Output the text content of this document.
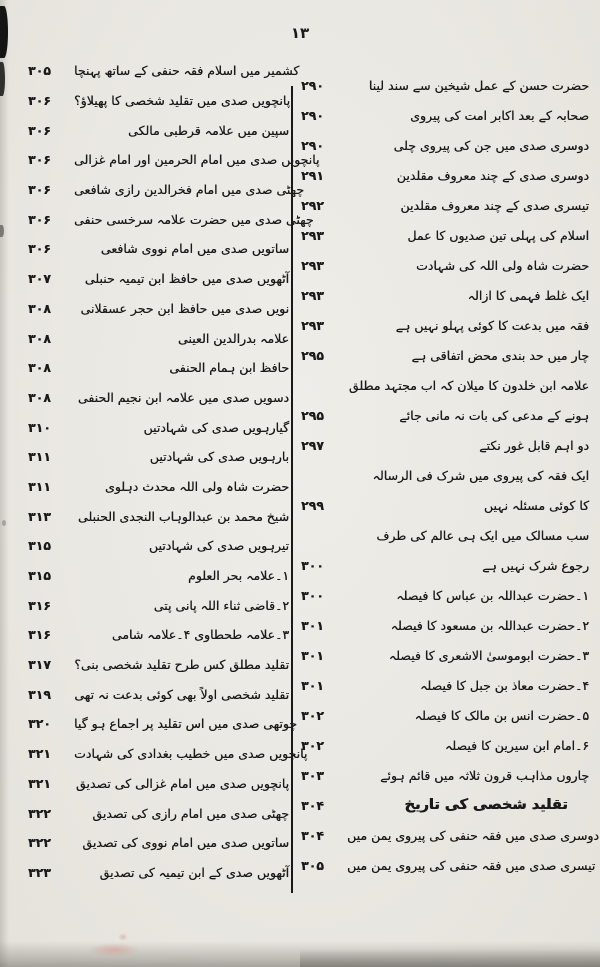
۱۳
۲۹۰	حضرت حسن کے عمل شیخین سے سند لینا
۲۹۰	صحابہ کے بعد اکابر امت کی پیروی
۲۹۰	دوسری صدی میں جن کی پیروی چلی
۲۹۱	دوسری صدی کے چند معروف مقلدین
۲۹۲	تیسری صدی کے چند معروف مقلدین
۲۹۳	اسلام کی پہلی تین صدیوں کا عمل
۲۹۳	حضرت شاہ ولی اللہ کی شہادت
۲۹۳	ایک غلط فہمی کا ازالہ
۲۹۳	فقہ میں بدعت کا کوئی پہلو نہیں ہے
۲۹۵	چار میں حد بندی محض اتفاقی ہے
علامہ ابن خلدون کا میلان کہ اب مجتہد مطلق
۲۹۵	ہونے کے مدعی کی بات نہ مانی جائے
۲۹۷	دو اہم قابل غور نکتے
ایک فقہ کی پیروی میں شرک فی الرسالہ
۲۹۹	کا کوئی مسئلہ نہیں
سب مسالک میں ایک ہی عالم کی طرف
۳۰۰	رجوع شرک نہیں ہے
۳۰۰	۱۔حضرت عبداللہ بن عباس کا فیصلہ
۳۰۱	۲۔حضرت عبداللہ بن مسعود کا فیصلہ
۳۰۱	۳۔حضرت ابوموسیٰ الاشعری کا فیصلہ
۳۰۱	۴۔حضرت معاذ بن جبل کا فیصلہ
۳۰۲	۵۔حضرت انس بن مالک کا فیصلہ
۳۰۲	۶۔امام ابن سیرین کا فیصلہ
۳۰۳	چاروں مذاہب قرون ثلاثہ میں قائم ہوئے
۳۰۴	تقلید شخصی کی تاریخ
۳۰۴	دوسری صدی میں فقہ حنفی کی پیروی یمن میں
۳۰۵	تیسری صدی میں فقہ حنفی کی پیروی یمن میں
۳۰۵	کشمیر میں اسلام فقہ حنفی کے ساتھ پہنچا
۳۰۶	پانچویں صدی میں تقلید شخصی کا پھیلاؤ؟
۳۰۶	سپین میں علامہ قرطبی مالکی
۳۰۶	پانچویں صدی میں امام الحرمین اور امام غزالی
۳۰۶	چھٹی صدی میں امام فخرالدین رازی شافعی
۳۰۶	چھٹی صدی میں حضرت علامہ سرخسی حنفی
۳۰۶	ساتویں صدی میں امام نووی شافعی
۳۰۷	آٹھویں صدی میں حافظ ابن تیمیہ حنبلی
۳۰۸	نویں صدی میں حافظ ابن حجر عسقلانی
۳۰۸	علامہ بدرالدین العینی
۳۰۸	حافظ ابن ہمام الحنفی
۳۰۸	دسویں صدی میں علامہ ابن نجیم الحنفی
۳۱۰	گیارہویں صدی کی شہادتیں
۳۱۱	بارہویں صدی کی شہادتیں
۳۱۱	حضرت شاہ ولی اللہ محدث دہلوی
۳۱۳	شیخ محمد بن عبدالوہاب النجدی الحنبلی
۳۱۵	تیرہویں صدی کی شہادتیں
۳۱۵	۱۔علامہ بحر العلوم
۳۱۶	۲۔قاضی ثناء اللہ پانی پتی
۳۱۶	۳۔علامہ طحطاوی ۴۔علامہ شامی
۳۱۷	تقلید مطلق کس طرح تقلید شخصی بنی؟
۳۱۹	تقلید شخصی اولاً بھی کوئی بدعت نہ تھی
۳۲۰	چوتھی صدی میں اس تقلید پر اجماع ہو گیا
۳۲۱	پانچویں صدی میں خطیب بغدادی کی شہادت
۳۲۱	پانچویں صدی میں امام غزالی کی تصدیق
۳۲۲	چھٹی صدی میں امام رازی کی تصدیق
۳۲۲	ساتویں صدی میں امام نووی کی تصدیق
۳۲۳	آٹھویں صدی کے ابن تیمیہ کی تصدیق
